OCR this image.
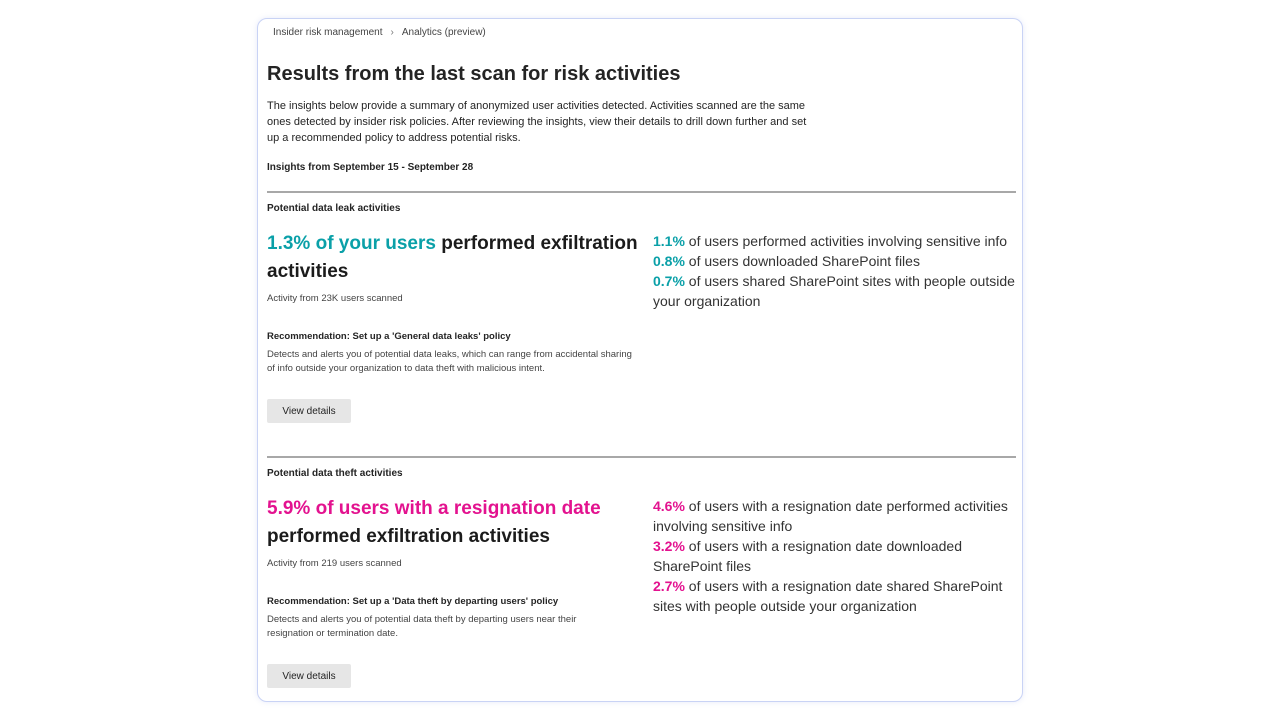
Insider risk management › Analytics (preview)
Results from the last scan for risk activities

The insights below provide a summary of anonymized user activities detected. Activities scanned are the same ones detected by insider risk policies. After reviewing the insights, view their details to drill down further and set up a recommended policy to address potential risks.

Insights from September 15 - September 28
Potential data leak activities
1.3% of your users performed exfiltration activities
Activity from 23K users scanned
Recommendation: Set up a 'General data leaks' policy
Detects and alerts you of potential data leaks, which can range from accidental sharing of info outside your organization to data theft with malicious intent.
View details
1.1% of users performed activities involving sensitive info
0.8% of users downloaded SharePoint files
0.7% of users shared SharePoint sites with people outside your organization
Potential data theft activities
5.9% of users with a resignation date performed exfiltration activities
Activity from 219 users scanned
Recommendation: Set up a 'Data theft by departing users' policy
Detects and alerts you of potential data theft by departing users near their resignation or termination date.
View details
4.6% of users with a resignation date performed activities involving sensitive info
3.2% of users with a resignation date downloaded SharePoint files
2.7% of users with a resignation date shared SharePoint sites with people outside your organization
